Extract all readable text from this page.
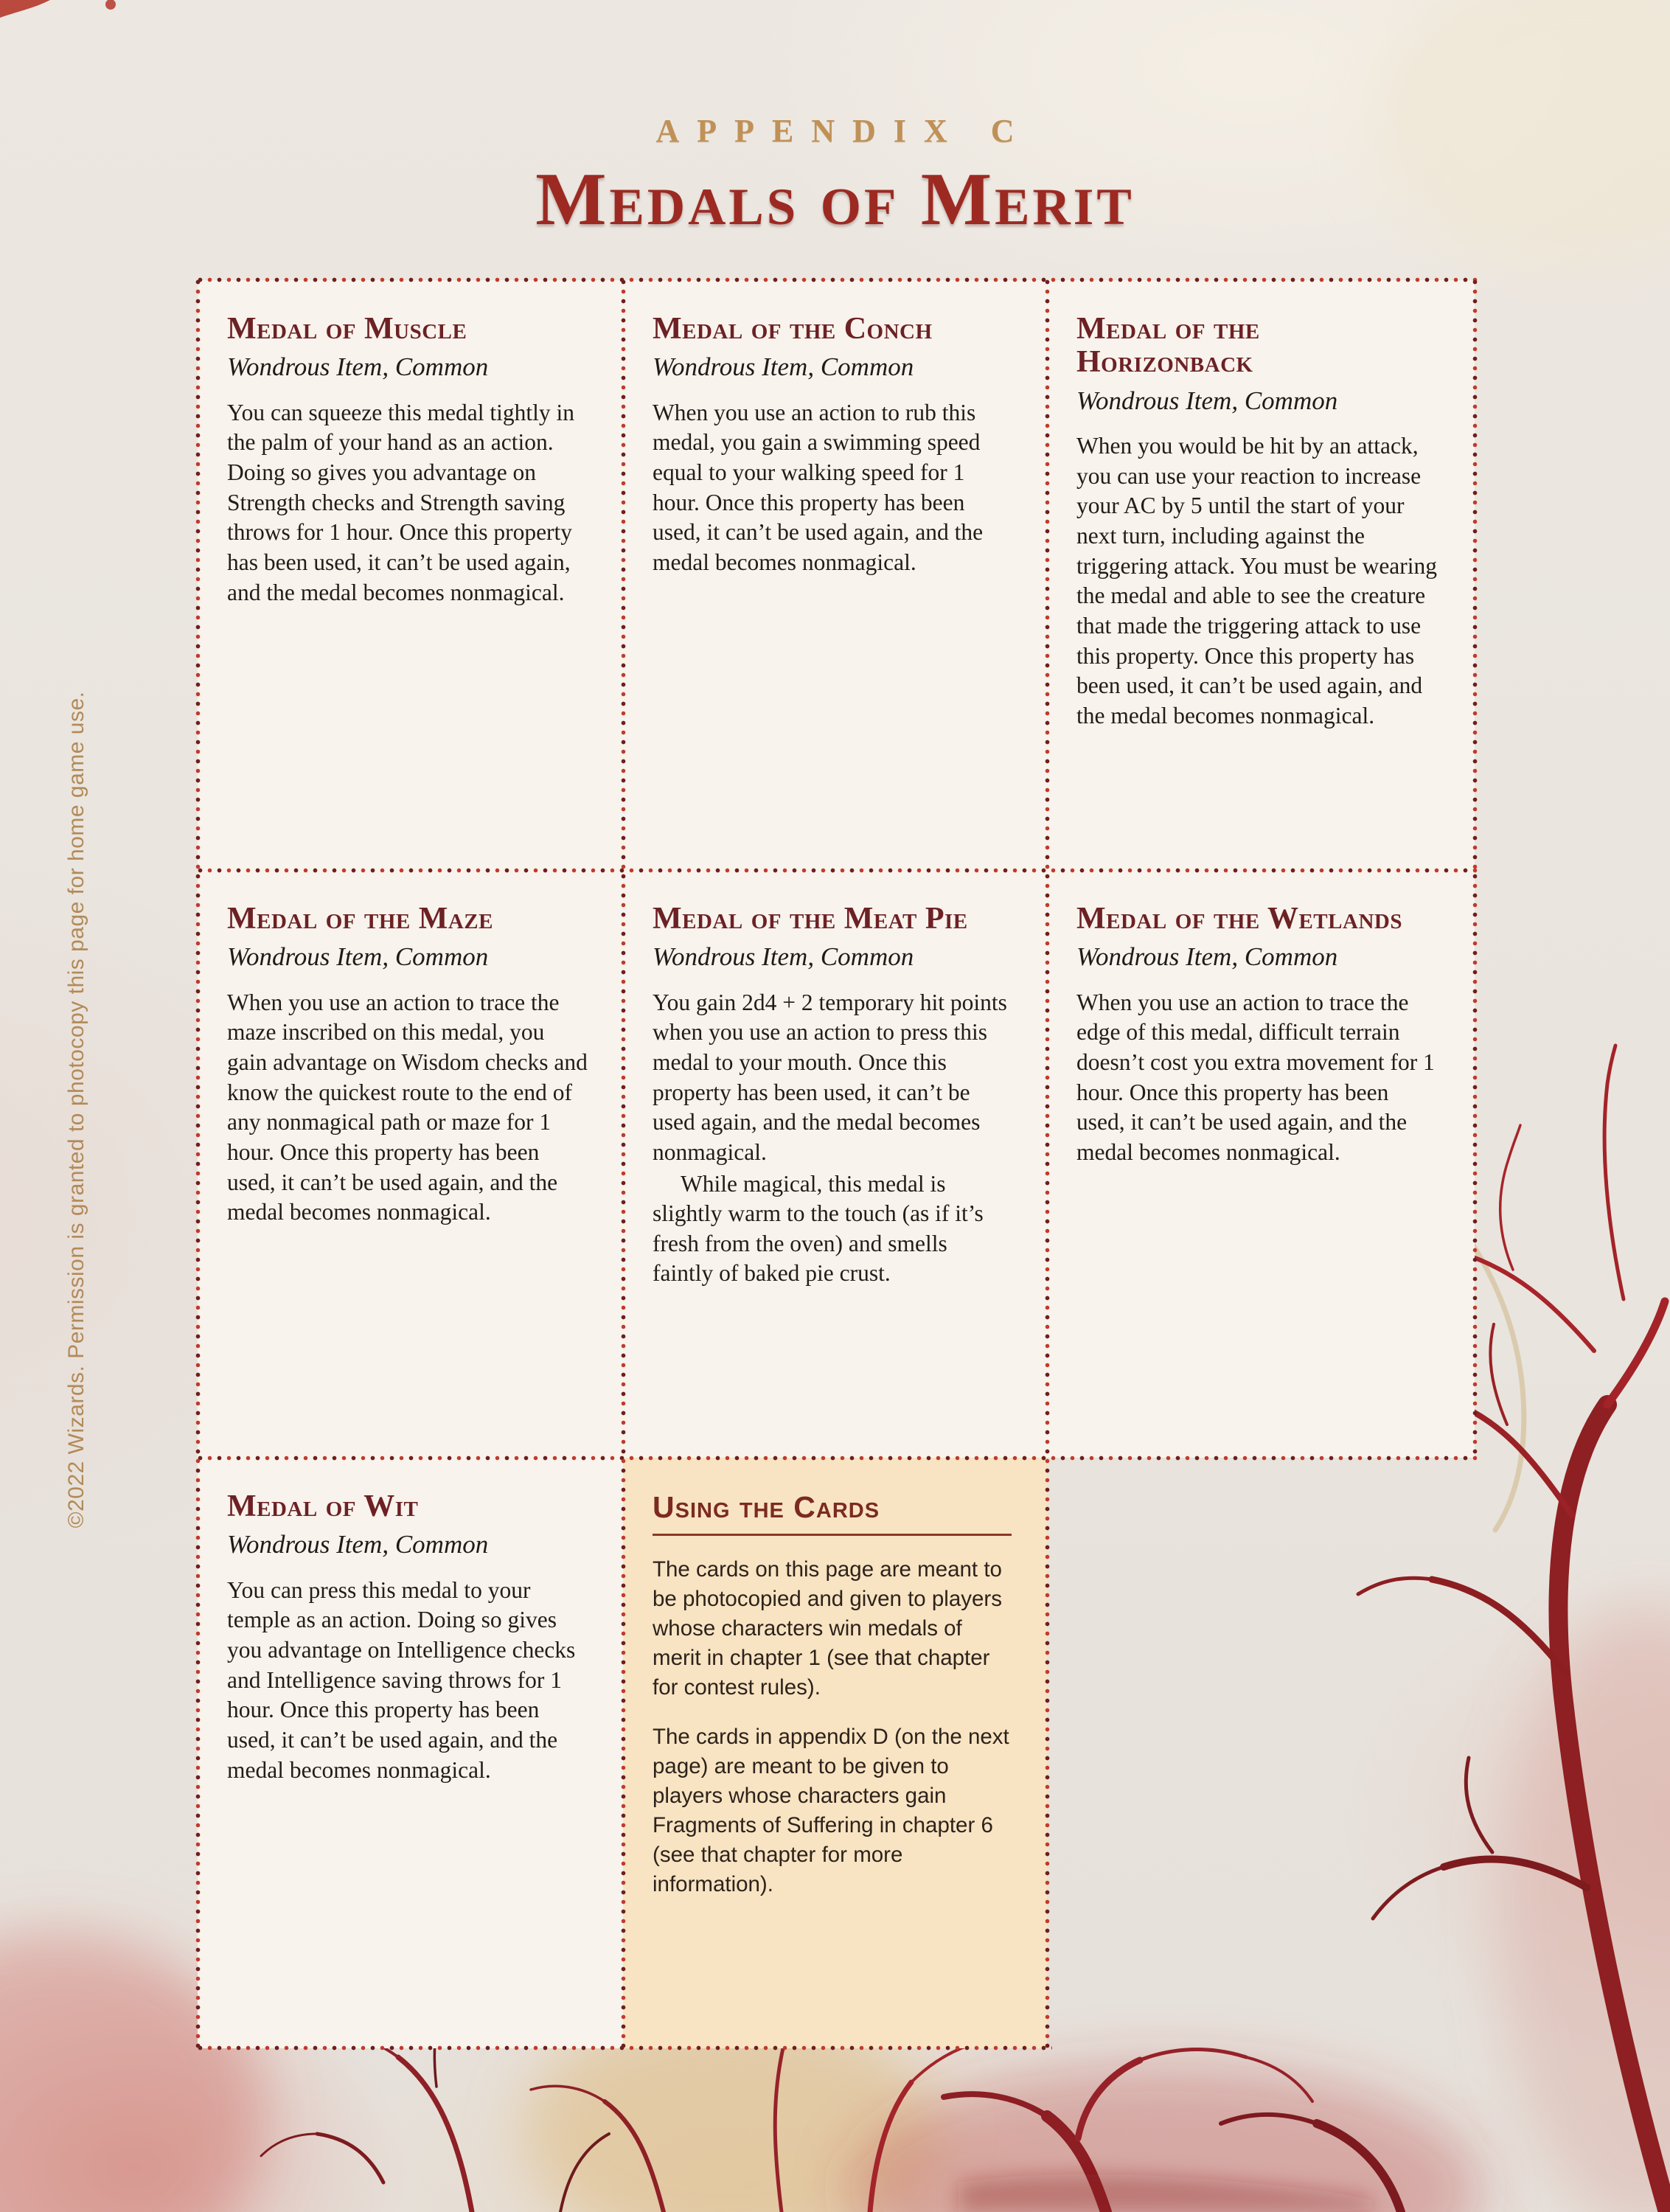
APPENDIX C
Medals of Merit
©2022 Wizards. Permission is granted to photocopy this page for home game use.
Medal of Muscle

Wondrous Item, Common

You can squeeze this medal tightly in the palm of your hand as an action. Doing so gives you advantage on Strength checks and Strength saving throws for 1 hour. Once this property has been used, it can’t be used again, and the medal becomes nonmagical.

Medal of the Conch

Wondrous Item, Common

When you use an action to rub this medal, you gain a swimming speed equal to your walking speed for 1 hour. Once this property has been used, it can’t be used again, and the medal becomes nonmagical.

Medal of the Horizonback

Wondrous Item, Common

When you would be hit by an attack, you can use your reaction to increase your AC by 5 until the start of your next turn, including against the triggering attack. You must be wearing the medal and able to see the creature that made the triggering attack to use this property. Once this property has been used, it can’t be used again, and the medal becomes nonmagical.

Medal of the Maze

Wondrous Item, Common

When you use an action to trace the maze inscribed on this medal, you gain advantage on Wisdom checks and know the quickest route to the end of any nonmagical path or maze for 1 hour. Once this property has been used, it can’t be used again, and the medal becomes nonmagical.

Medal of the Meat Pie

Wondrous Item, Common

You gain 2d4 + 2 temporary hit points when you use an action to press this medal to your mouth. Once this property has been used, it can’t be used again, and the medal becomes nonmagical.

While magical, this medal is slightly warm to the touch (as if it’s fresh from the oven) and smells faintly of baked pie crust.

Medal of the Wetlands

Wondrous Item, Common

When you use an action to trace the edge of this medal, difficult terrain doesn’t cost you extra movement for 1 hour. Once this property has been used, it can’t be used again, and the medal becomes nonmagical.

Medal of Wit

Wondrous Item, Common

You can press this medal to your temple as an action. Doing so gives you advantage on Intelligence checks and Intelligence saving throws for 1 hour. Once this property has been used, it can’t be used again, and the medal becomes nonmagical.

Using the Cards

The cards on this page are meant to be photocopied and given to players whose characters win medals of merit in chapter 1 (see that chapter for contest rules).

The cards in appendix D (on the next page) are meant to be given to players whose characters gain Fragments of Suffering in chapter 6 (see that chapter for more information).
